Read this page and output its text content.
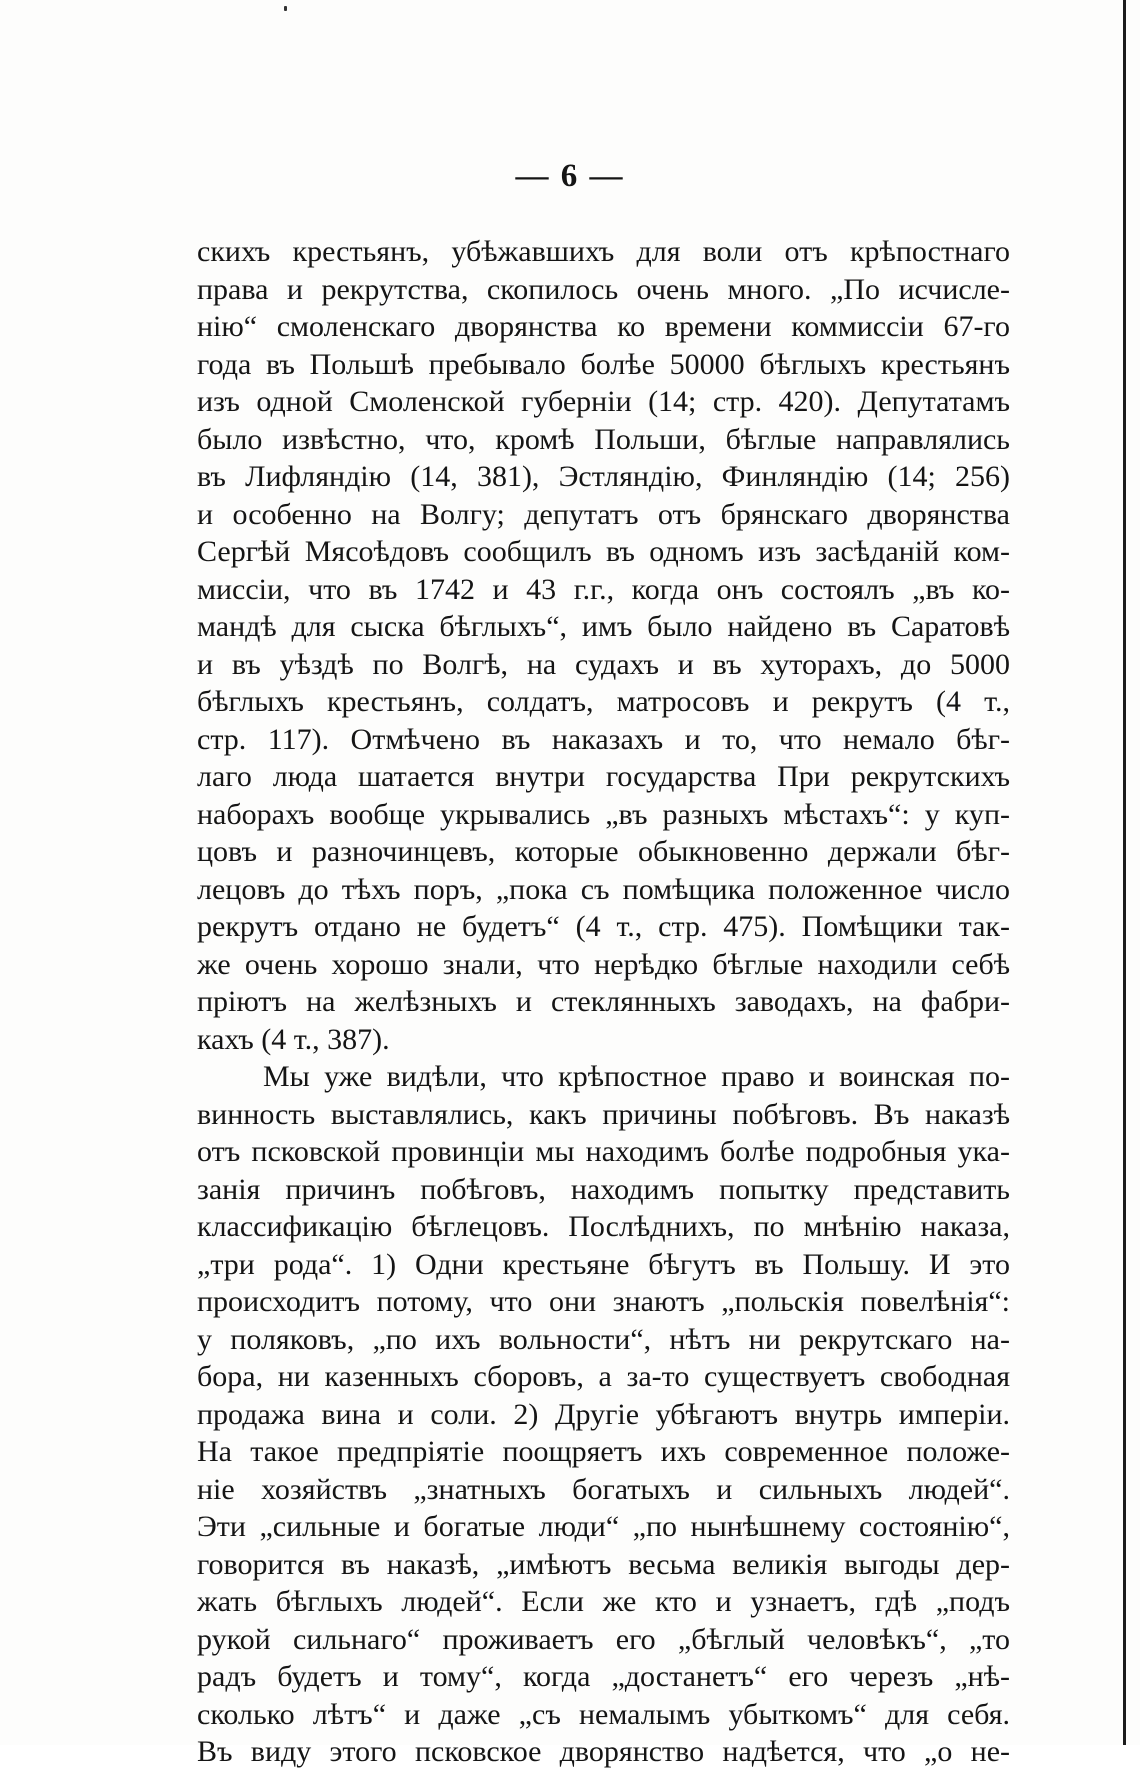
— 6 —
скихъ крестьянъ, убѣжавшихъ для воли отъ крѣпостнаго
права и рекрутства, скопилось очень много. „По исчисле-
нію“ смоленскаго дворянства ко времени коммиссіи 67-го
года въ Польшѣ пребывало болѣе 50000 бѣглыхъ крестьянъ
изъ одной Смоленской губерніи (14; стр. 420). Депутатамъ
было извѣстно, что, кромѣ Польши, бѣглые направлялись
въ Лифляндію (14, 381), Эстляндію, Финляндію (14; 256)
и особенно на Волгу; депутатъ отъ брянскаго дворянства
Сергѣй Мясоѣдовъ сообщилъ въ одномъ изъ засѣданій ком-
миссіи, что въ 1742 и 43 г.г., когда онъ состоялъ „въ ко-
мандѣ для сыска бѣглыхъ“, имъ было найдено въ Саратовѣ
и въ уѣздѣ по Волгѣ, на судахъ и въ хуторахъ, до 5000
бѣглыхъ крестьянъ, солдатъ, матросовъ и рекрутъ (4 т.,
стр. 117). Отмѣчено въ наказахъ и то, что немало бѣг-
лаго люда шатается внутри государства При рекрутскихъ
наборахъ вообще укрывались „въ разныхъ мѣстахъ“: у куп-
цовъ и разночинцевъ, которые обыкновенно держали бѣг-
лецовъ до тѣхъ поръ, „пока съ помѣщика положенное число
рекрутъ отдано не будетъ“ (4 т., стр. 475). Помѣщики так-
же очень хорошо знали, что нерѣдко бѣглые находили себѣ
пріютъ на желѣзныхъ и стеклянныхъ заводахъ, на фабри-
кахъ (4 т., 387).
Мы уже видѣли, что крѣпостное право и воинская по-
винность выставлялись, какъ причины побѣговъ. Въ наказѣ
отъ псковской провинціи мы находимъ болѣе подробныя ука-
занія причинъ побѣговъ, находимъ попытку представить
классификацію бѣглецовъ. Послѣднихъ, по мнѣнію наказа,
„три рода“. 1) Одни крестьяне бѣгутъ въ Польшу. И это
происходитъ потому, что они знаютъ „польскія повелѣнія“:
у поляковъ, „по ихъ вольности“, нѣтъ ни рекрутскаго на-
бора, ни казенныхъ сборовъ, а за-то существуетъ свободная
продажа вина и соли. 2) Другіе убѣгаютъ внутрь имперіи.
На такое предпріятіе поощряетъ ихъ современное положе-
ніе хозяйствъ „знатныхъ богатыхъ и сильныхъ людей“.
Эти „сильные и богатые люди“ „по нынѣшнему состоянію“,
говорится въ наказѣ, „имѣютъ весьма великія выгоды дер-
жать бѣглыхъ людей“. Если же кто и узнаетъ, гдѣ „подъ
рукой сильнаго“ проживаетъ его „бѣглый человѣкъ“, „то
радъ будетъ и тому“, когда „достанетъ“ его черезъ „нѣ-
сколько лѣтъ“ и даже „съ немалымъ убыткомъ“ для себя.
Въ виду этого псковское дворянство надѣется, что „о не-
